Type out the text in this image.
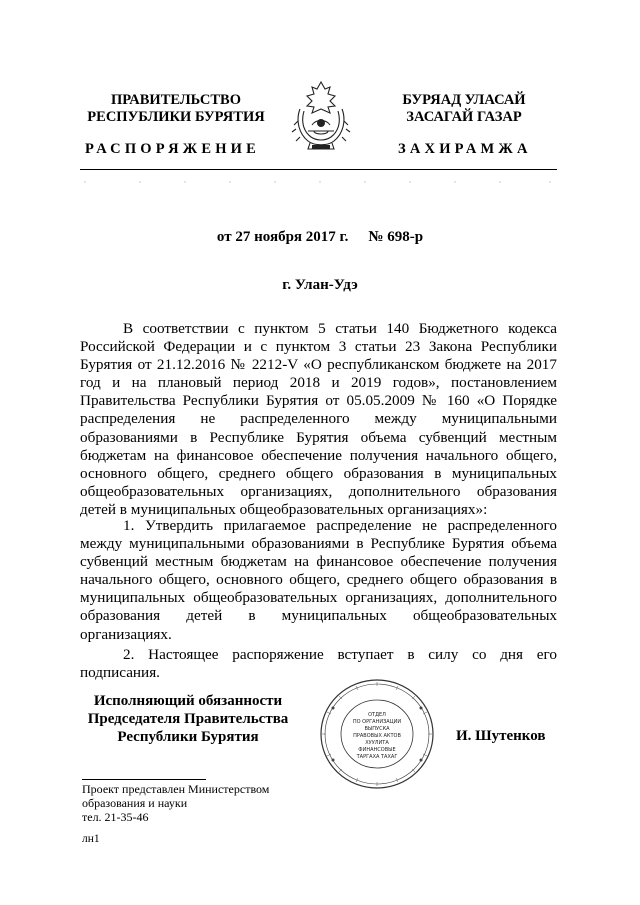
ПРАВИТЕЛЬСТВО
РЕСПУБЛИКИ БУРЯТИЯ
РАСПОРЯЖЕНИЕ
БУРЯАД УЛАСАЙ
ЗАСАГАЙ ГАЗАР
ЗАХИРАМЖА
от 27 ноября 2017 г. № 698-р
г. Улан-Удэ

В соответствии с пунктом 5 статьи 140 Бюджетного кодекса Российской Федерации и с пунктом 3 статьи 23 Закона Республики Бурятия от 21.12.2016 № 2212-V «О республиканском бюджете на 2017 год и на плановый период 2018 и 2019 годов», постановлением Правительства Республики Бурятия от 05.05.2009 № 160 «О Порядке распределения не распределенного между муниципальными образованиями в Республике Бурятия объема субвенций местным бюджетам на финансовое обеспечение получения начального общего, основного общего, среднего общего образования в муниципальных общеобразовательных организациях, дополнительного образования детей в муниципальных общеобразовательных организациях»:

1. Утвердить прилагаемое распределение не распределенного между муниципальными образованиями в Республике Бурятия объема субвенций местным бюджетам на финансовое обеспечение получения начального общего, основного общего, среднего общего образования в муниципальных общеобразовательных организациях, дополнительного образования детей в муниципальных общеобразовательных организациях.

2. Настоящее распоряжение вступает в силу со дня его подписания.

Исполняющий обязанности
Председателя Правительства
Республики Бурятия
ОТДЕЛ
ПО ОРГАНИЗАЦИИ
ВЫПУСКА
ПРАВОВЫХ АКТОВ
ХУУЛИТА
ФИНАНСОВЫЕ
ТАРГАХА ТАХАГ
И. Шутенков
Проект представлен Министерством
образования и науки
тел. 21-35-46
лн1
